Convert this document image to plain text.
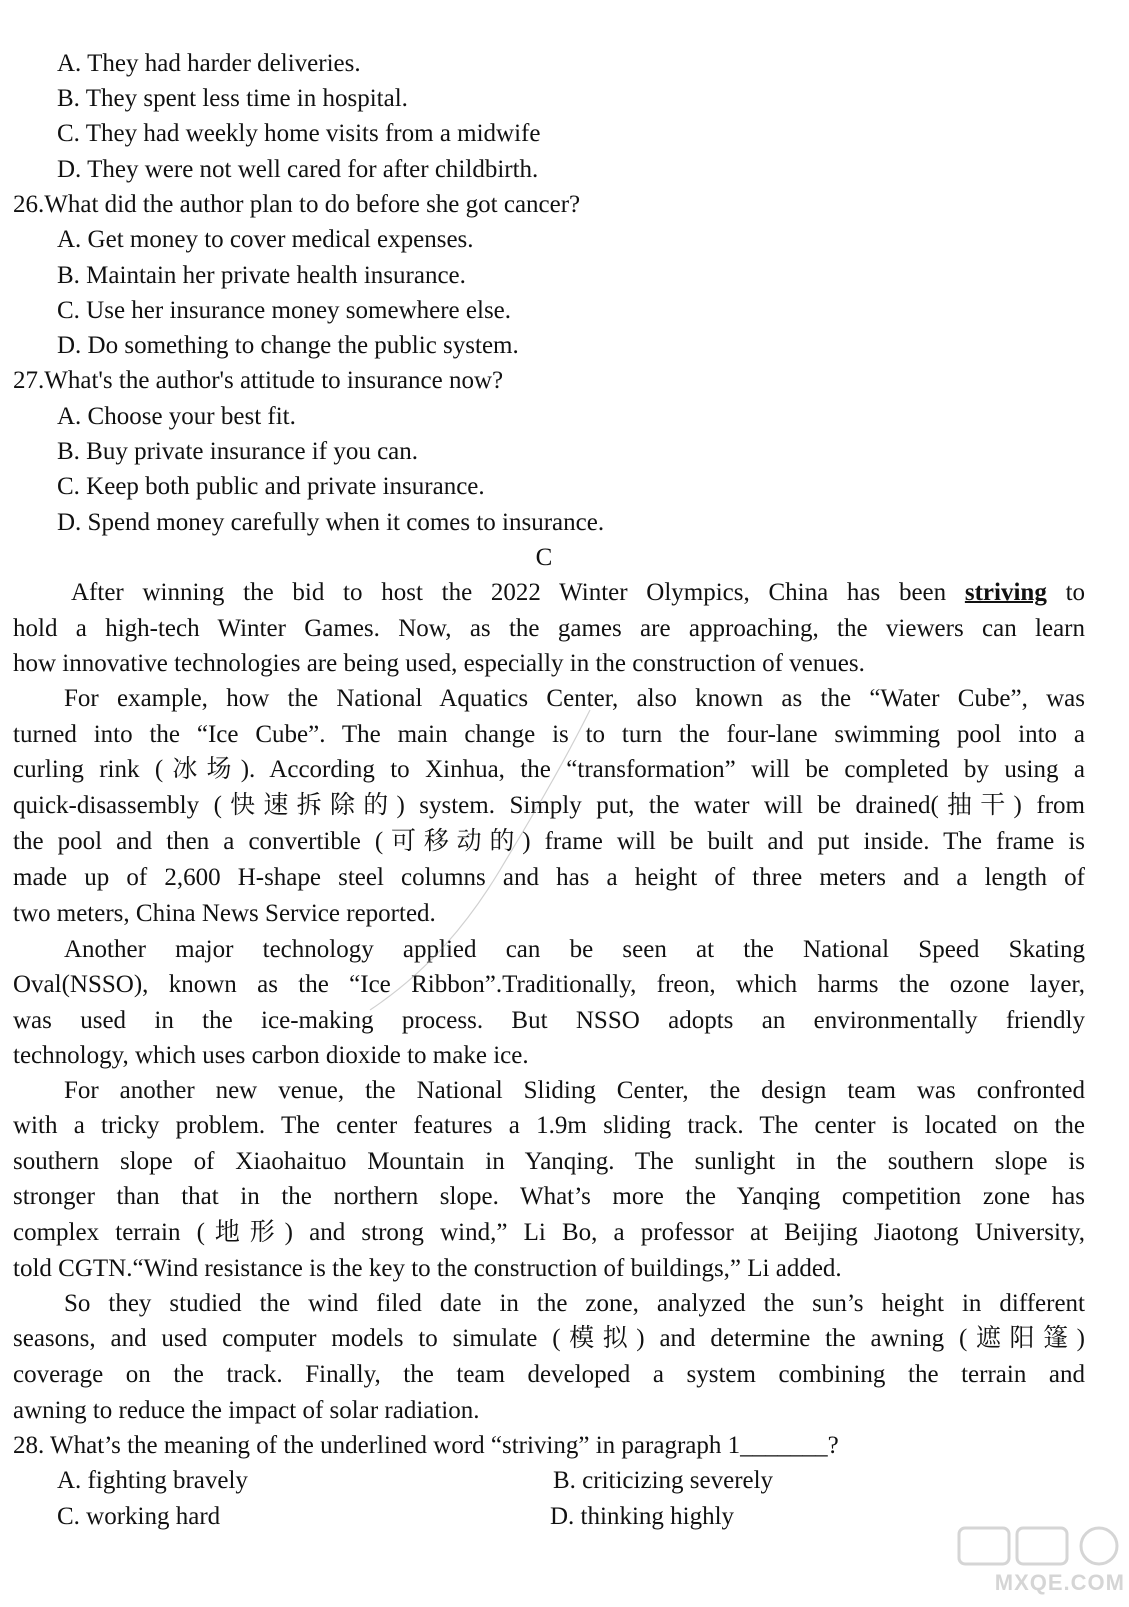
A. They had harder deliveries.
B. They spent less time in hospital.
C. They had weekly home visits from a midwife
D. They were not well cared for after childbirth.
26.What did the author plan to do before she got cancer?
A. Get money to cover medical expenses.
B. Maintain her private health insurance.
C. Use her insurance money somewhere else.
D. Do something to change the public system.
27.What's the author's attitude to insurance now?
A. Choose your best fit.
B. Buy private insurance if you can.
C. Keep both public and private insurance.
D. Spend money carefully when it comes to insurance.
C
After winning the bid to host the 2022 Winter Olympics, China has been striving to
hold a high-tech Winter Games. Now, as the games are approaching, the viewers can learn
how innovative technologies are being used, especially in the construction of venues.
For example, how the National Aquatics Center, also known as the “Water Cube”, was
turned into the “Ice Cube”. The main change is to turn the four-lane swimming pool into a
curling rink (冰场). According to Xinhua, the “transformation” will be completed by using a
quick-disassembly (快速拆除的) system. Simply put, the water will be drained(抽干) from
the pool and then a convertible (可移动的) frame will be built and put inside. The frame is
made up of 2,600 H-shape steel columns and has a height of three meters and a length of
two meters, China News Service reported.
Another major technology applied can be seen at the National Speed Skating
Oval(NSSO), known as the “Ice Ribbon”.Traditionally, freon, which harms the ozone layer,
was used in the ice-making process. But NSSO adopts an environmentally friendly
technology, which uses carbon dioxide to make ice.
For another new venue, the National Sliding Center, the design team was confronted
with a tricky problem. The center features a 1.9m sliding track. The center is located on the
southern slope of Xiaohaituo Mountain in Yanqing. The sunlight in the southern slope is
stronger than that in the northern slope. What’s more the Yanqing competition zone has
complex terrain (地形) and strong wind,” Li Bo, a professor at Beijing Jiaotong University,
told CGTN.“Wind resistance is the key to the construction of buildings,” Li added.
So they studied the wind filed date in the zone, analyzed the sun’s height in different
seasons, and used computer models to simulate (模拟) and determine the awning (遮阳篷)
coverage on the track. Finally, the team developed a system combining the terrain and
awning to reduce the impact of solar radiation.
28. What’s the meaning of the underlined word “striving” in paragraph 1_______?
A. fighting bravely	B. criticizing severely
C. working hard	D. thinking highly
MXQE.COM
